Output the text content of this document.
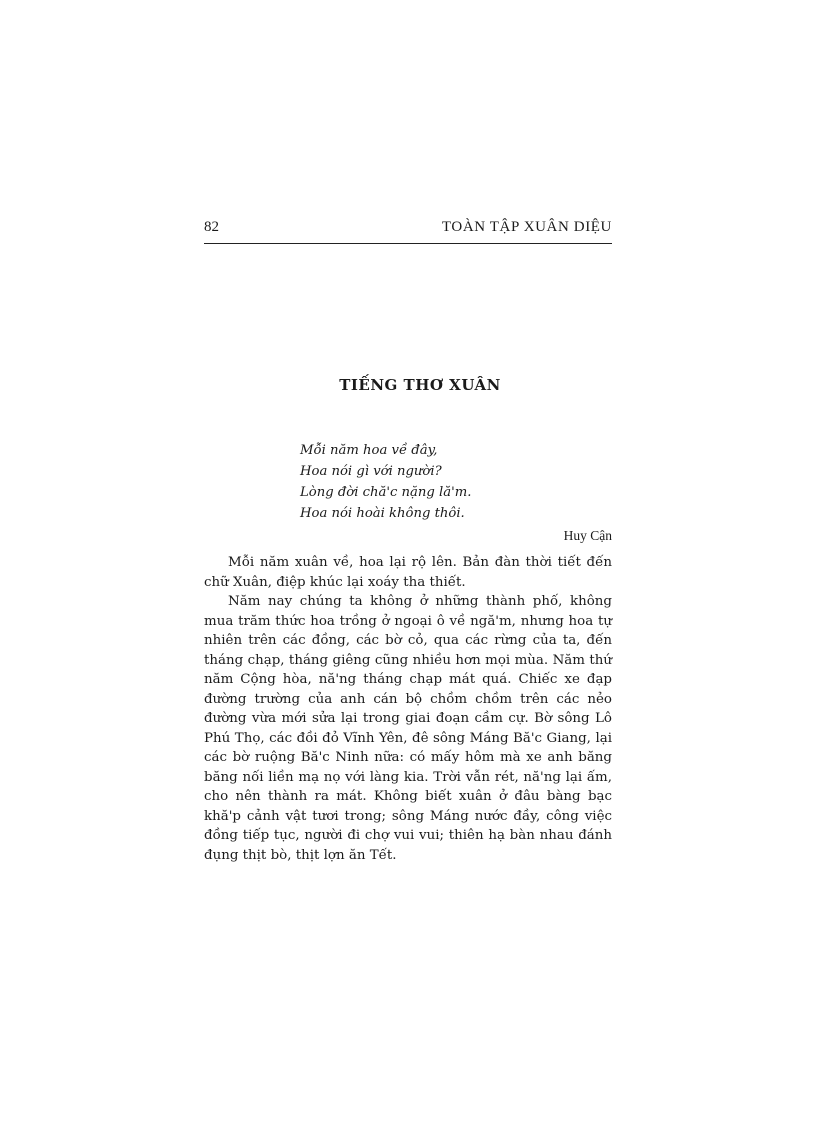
82	TOÀN TẬP XUÂN DIỆU
TIẾNG THƠ XUÂN
Mỗi năm hoa về đây,
Hoa nói gì với người?
Lòng đời chă'c nặng lă'm.
Hoa nói hoài không thôi.
Huy Cận

Mỗi năm xuân về, hoa lại rộ lên. Bản đàn thời tiết đến chữ Xuân, điệp khúc lại xoáy tha thiết.

Năm nay chúng ta không ở những thành phố, không mua trăm thức hoa trồng ở ngoại ô về ngă'm, nhưng hoa tự nhiên trên các đồng, các bờ cỏ, qua các rừng của ta, đến tháng chạp, tháng giêng cũng nhiều hơn mọi mùa. Năm thứ năm Cộng hòa, nă'ng tháng chạp mát quá. Chiếc xe đạp đường trường của anh cán bộ chồm chồm trên các nẻo đường vừa mới sửa lại trong giai đoạn cầm cự. Bờ sông Lô Phú Thọ, các đồi đỏ Vĩnh Yên, đê sông Máng Bă'c Giang, lại các bờ ruộng Bă'c Ninh nữa: có mấy hôm mà xe anh băng băng nối liền mạ nọ với làng kia. Trời vẫn rét, nă'ng lại ấm, cho nên thành ra mát. Không biết xuân ở đâu bàng bạc khă'p cảnh vật tươi trong; sông Máng nước đầy, công việc đồng tiếp tục, người đi chợ vui vui; thiên hạ bàn nhau đánh đụng thịt bò, thịt lợn ăn Tết.
